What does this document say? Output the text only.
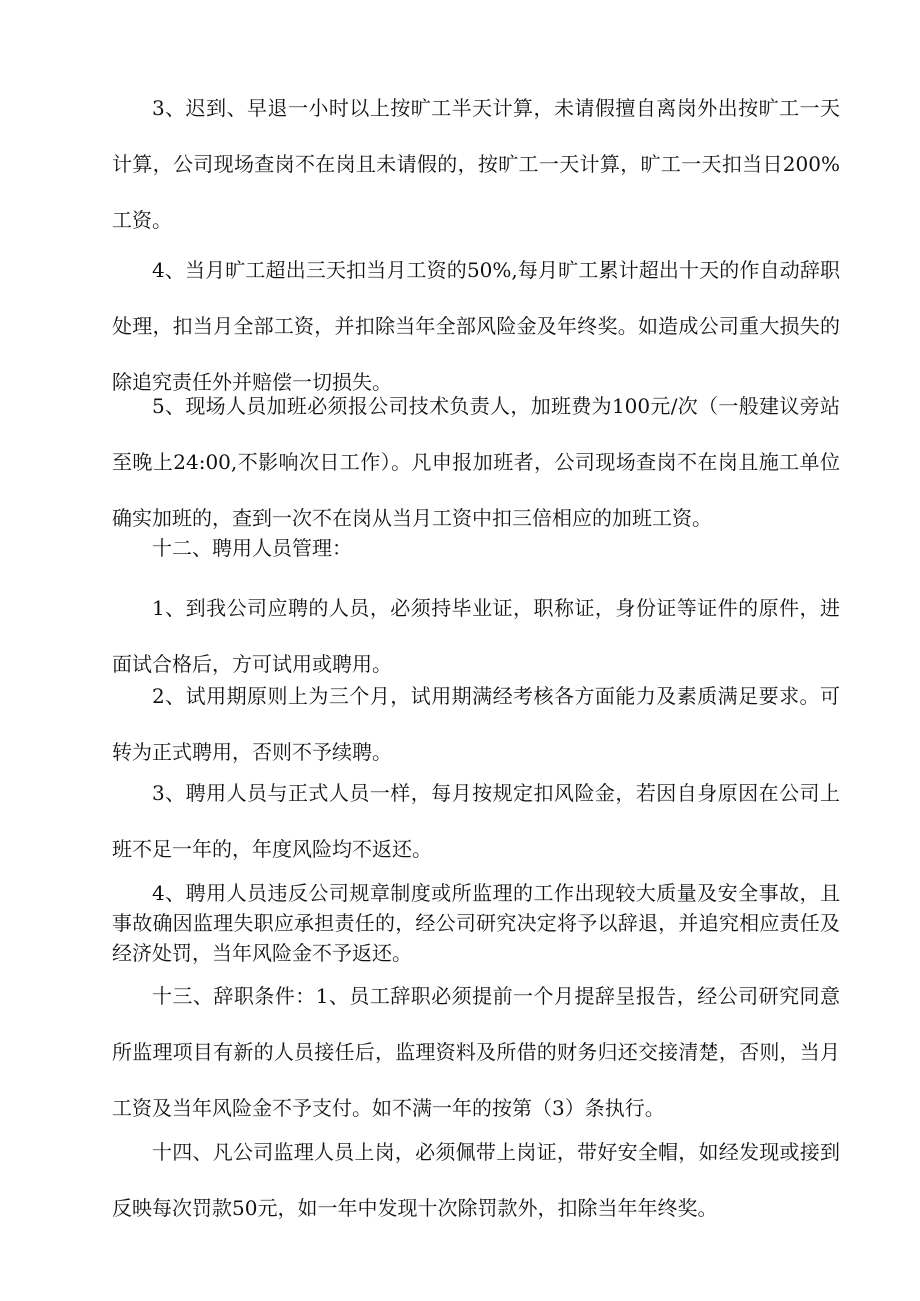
3、迟到、早退一小时以上按旷工半天计算，未请假擅自离岗外出按旷工一天计算，公司现场查岗不在岗且未请假的，按旷工一天计算，旷工一天扣当日200%工资。

4、当月旷工超出三天扣当月工资的50%,每月旷工累计超出十天的作自动辞职处理，扣当月全部工资，并扣除当年全部风险金及年终奖。如造成公司重大损失的除追究责任外并赔偿一切损失。

5、现场人员加班必须报公司技术负责人，加班费为100元/次（一般建议旁站至晚上24:00,不影响次日工作）。凡申报加班者，公司现场查岗不在岗且施工单位确实加班的，查到一次不在岗从当月工资中扣三倍相应的加班工资。

十二、聘用人员管理：

1、到我公司应聘的人员，必须持毕业证，职称证，身份证等证件的原件，进面试合格后，方可试用或聘用。

2、试用期原则上为三个月，试用期满经考核各方面能力及素质满足要求。可转为正式聘用，否则不予续聘。

3、聘用人员与正式人员一样，每月按规定扣风险金，若因自身原因在公司上班不足一年的，年度风险均不返还。

4、聘用人员违反公司规章制度或所监理的工作出现较大质量及安全事故，且事故确因监理失职应承担责任的，经公司研究决定将予以辞退，并追究相应责任及经济处罚，当年风险金不予返还。

十三、辞职条件：1、员工辞职必须提前一个月提辞呈报告，经公司研究同意所监理项目有新的人员接任后，监理资料及所借的财务归还交接清楚，否则，当月工资及当年风险金不予支付。如不满一年的按第（3）条执行。

十四、凡公司监理人员上岗，必须佩带上岗证，带好安全帽，如经发现或接到反映每次罚款50元，如一年中发现十次除罚款外，扣除当年年终奖。
